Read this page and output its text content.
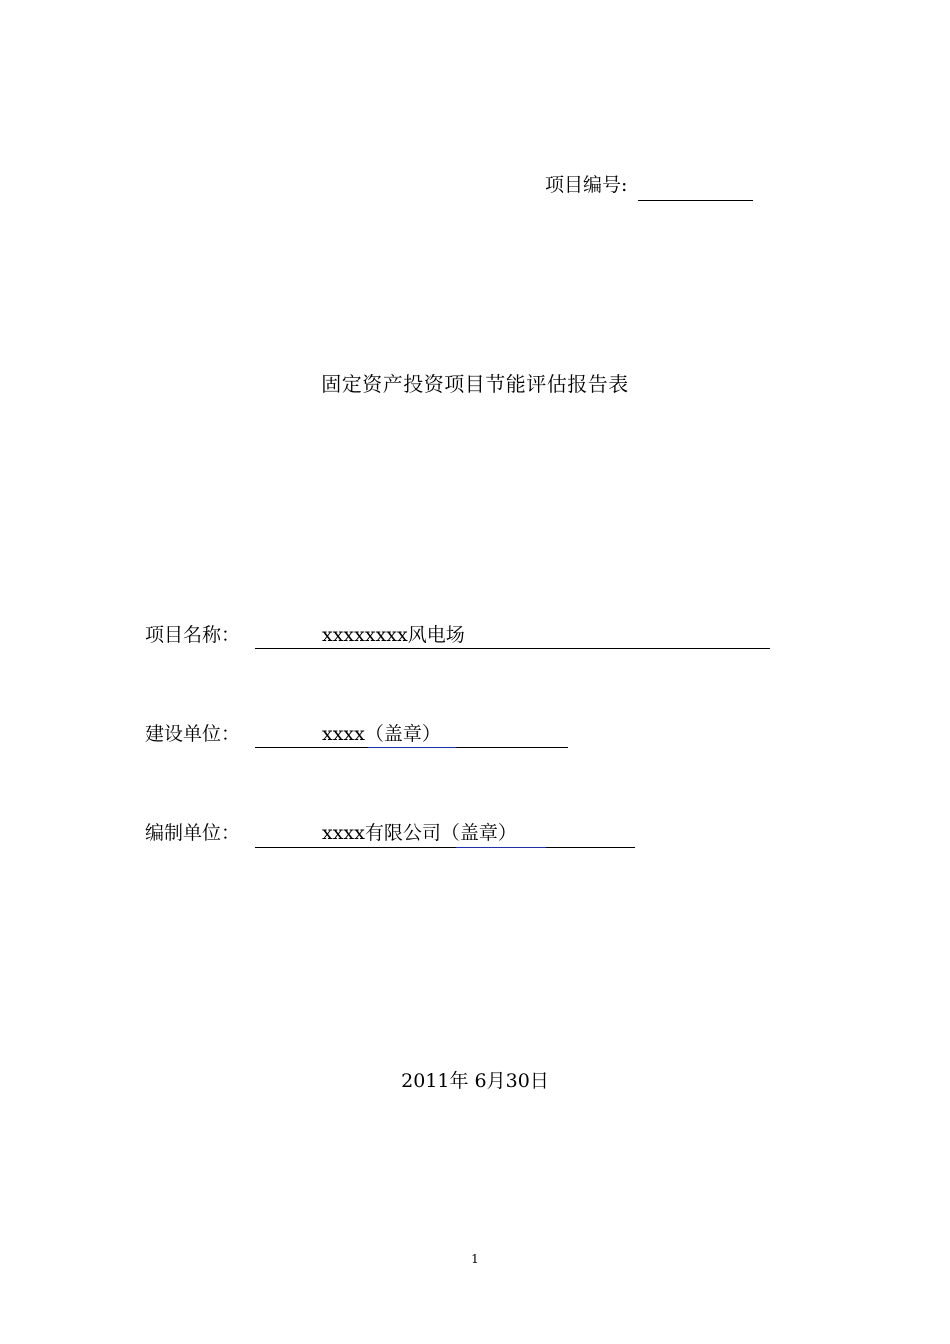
项目编号:
固定资产投资项目节能评估报告表
项目名称：	xxxxxxxx风电场
建设单位：	xxxx（盖章）
编制单位：	xxxx有限公司（盖章）
2011年 6月30日
1
